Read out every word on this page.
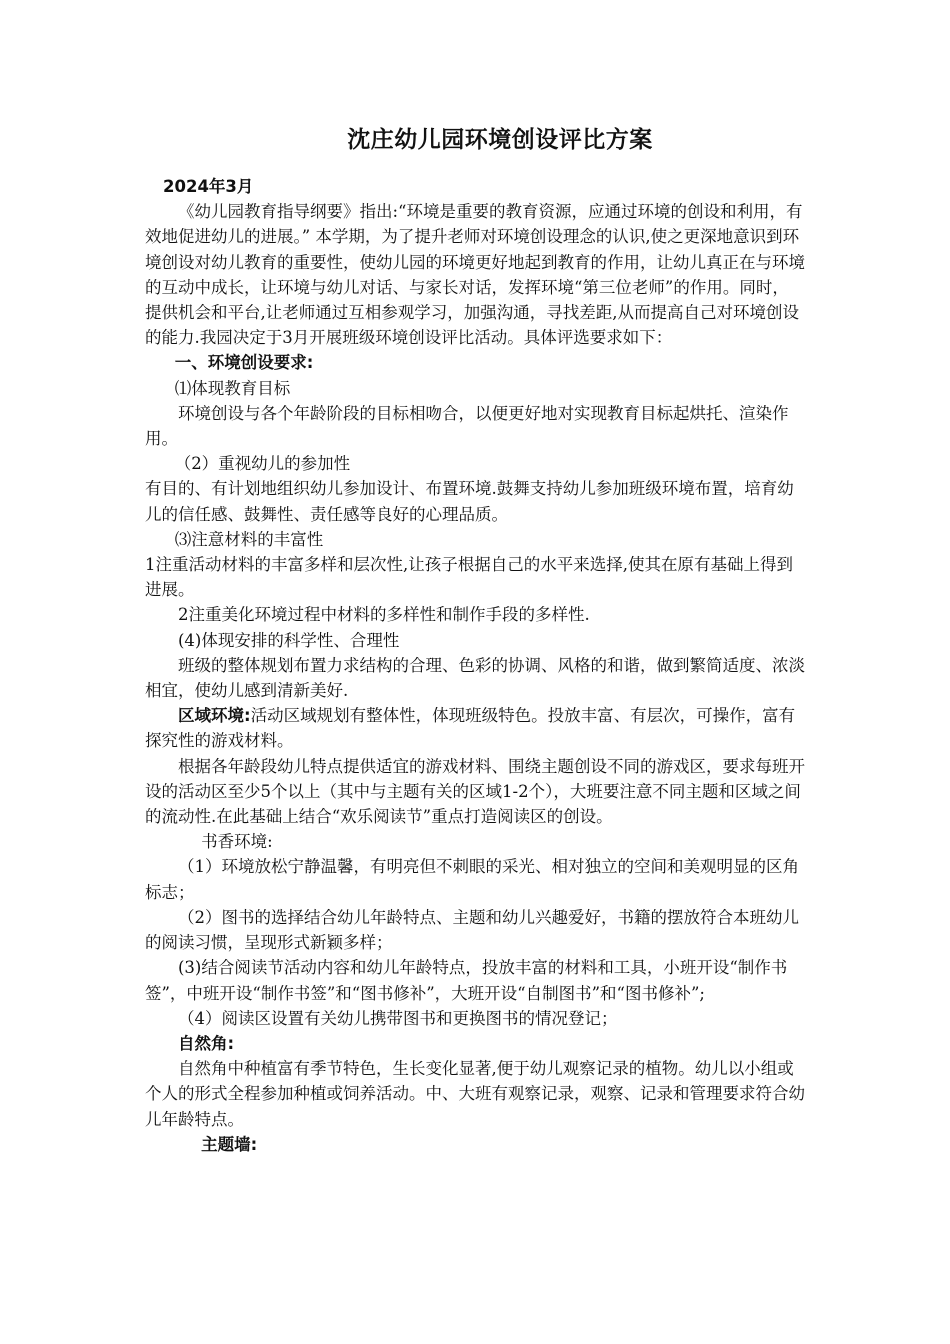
沈庄幼儿园环境创设评比方案

2024年3月

《幼儿园教育指导纲要》指出:“环境是重要的教育资源，应通过环境的创设和利用，有效地促进幼儿的进展。” 本学期，为了提升老师对环境创设理念的认识,使之更深地意识到环境创设对幼儿教育的重要性，使幼儿园的环境更好地起到教育的作用，让幼儿真正在与环境的互动中成长，让环境与幼儿对话、与家长对话，发挥环境“第三位老师”的作用。同时，提供机会和平台,让老师通过互相参观学习，加强沟通，寻找差距,从而提高自己对环境创设的能力.我园决定于3月开展班级环境创设评比活动。具体评选要求如下：

一、环境创设要求:

⑴体现教育目标

环境创设与各个年龄阶段的目标相吻合，以便更好地对实现教育目标起烘托、渲染作用。

（2）重视幼儿的参加性

有目的、有计划地组织幼儿参加设计、布置环境.鼓舞支持幼儿参加班级环境布置，培育幼儿的信任感、鼓舞性、责任感等良好的心理品质。

⑶注意材料的丰富性

1注重活动材料的丰富多样和层次性,让孩子根据自己的水平来选择,使其在原有基础上得到进展。

2注重美化环境过程中材料的多样性和制作手段的多样性.

(4)体现安排的科学性、合理性

班级的整体规划布置力求结构的合理、色彩的协调、风格的和谐，做到繁简适度、浓淡相宜，使幼儿感到清新美好.

区域环境:活动区域规划有整体性，体现班级特色。投放丰富、有层次，可操作，富有探究性的游戏材料。

根据各年龄段幼儿特点提供适宜的游戏材料、围绕主题创设不同的游戏区，要求每班开设的活动区至少5个以上（其中与主题有关的区域1-2个），大班要注意不同主题和区域之间的流动性.在此基础上结合“欢乐阅读节”重点打造阅读区的创设。

书香环境:

（1）环境放松宁静温馨，有明亮但不刺眼的采光、相对独立的空间和美观明显的区角标志；

（2）图书的选择结合幼儿年龄特点、主题和幼儿兴趣爱好，书籍的摆放符合本班幼儿的阅读习惯，呈现形式新颖多样；

(3)结合阅读节活动内容和幼儿年龄特点，投放丰富的材料和工具，小班开设“制作书签”，中班开设“制作书签”和“图书修补”，大班开设“自制图书”和“图书修补”;

（4）阅读区设置有关幼儿携带图书和更换图书的情况登记；

自然角:

自然角中种植富有季节特色，生长变化显著,便于幼儿观察记录的植物。幼儿以小组或个人的形式全程参加种植或饲养活动。中、大班有观察记录，观察、记录和管理要求符合幼儿年龄特点。

主题墙:
